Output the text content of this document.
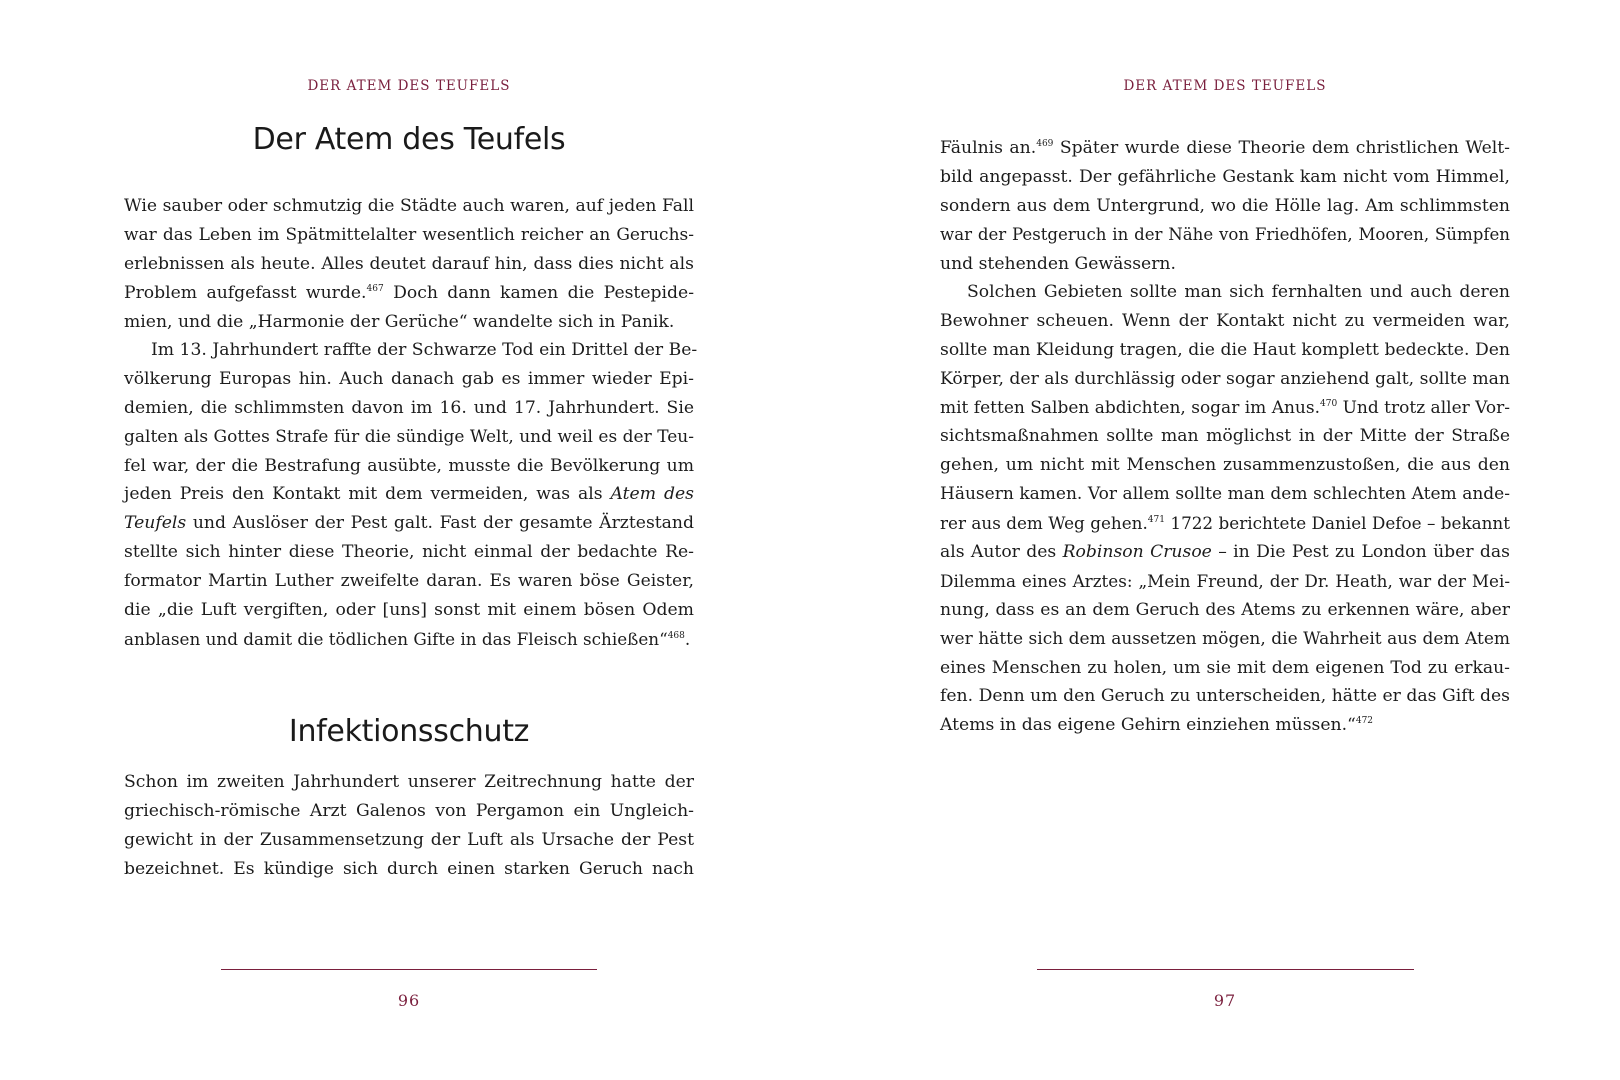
DER ATEM DES TEUFELS
Der Atem des Teufels
Wie sauber oder schmutzig die Städte auch waren, auf jeden Fall
war das Leben im Spätmittelalter wesentlich reicher an Geruchs-
erlebnissen als heute. Alles deutet darauf hin, dass dies nicht als
Problem aufgefasst wurde.$^{467}$ Doch dann kamen die Pestepide-
mien, und die „Harmonie der Gerüche“ wandelte sich in Panik.
Im 13. Jahrhundert raffte der Schwarze Tod ein Drittel der Be-
völkerung Europas hin. Auch danach gab es immer wieder Epi-
demien, die schlimmsten davon im 16. und 17. Jahrhundert. Sie
galten als Gottes Strafe für die sündige Welt, und weil es der Teu-
fel war, der die Bestrafung ausübte, musste die Bevölkerung um
jeden Preis den Kontakt mit dem vermeiden, was als Atem des
Teufels und Auslöser der Pest galt. Fast der gesamte Ärztestand
stellte sich hinter diese Theorie, nicht einmal der bedachte Re-
formator Martin Luther zweifelte daran. Es waren böse Geister,
die „die Luft vergiften, oder [uns] sonst mit einem bösen Odem
anblasen und damit die tödlichen Gifte in das Fleisch schießen“$^{468}$.
Infektionsschutz
Schon im zweiten Jahrhundert unserer Zeitrechnung hatte der
griechisch-römische Arzt Galenos von Pergamon ein Ungleich-
gewicht in der Zusammensetzung der Luft als Ursache der Pest
bezeichnet. Es kündige sich durch einen starken Geruch nach
96
DER ATEM DES TEUFELS
Fäulnis an.$^{469}$ Später wurde diese Theorie dem christlichen Welt-
bild angepasst. Der gefährliche Gestank kam nicht vom Himmel,
sondern aus dem Untergrund, wo die Hölle lag. Am schlimmsten
war der Pestgeruch in der Nähe von Friedhöfen, Mooren, Sümpfen
und stehenden Gewässern.
Solchen Gebieten sollte man sich fernhalten und auch deren
Bewohner scheuen. Wenn der Kontakt nicht zu vermeiden war,
sollte man Kleidung tragen, die die Haut komplett bedeckte. Den
Körper, der als durchlässig oder sogar anziehend galt, sollte man
mit fetten Salben abdichten, sogar im Anus.$^{470}$ Und trotz aller Vor-
sichtsmaßnahmen sollte man möglichst in der Mitte der Straße
gehen, um nicht mit Menschen zusammenzustoßen, die aus den
Häusern kamen. Vor allem sollte man dem schlechten Atem ande-
rer aus dem Weg gehen.$^{471}$ 1722 berichtete Daniel Defoe – bekannt
als Autor des Robinson Crusoe – in Die Pest zu London über das
Dilemma eines Arztes: „Mein Freund, der Dr. Heath, war der Mei-
nung, dass es an dem Geruch des Atems zu erkennen wäre, aber
wer hätte sich dem aussetzen mögen, die Wahrheit aus dem Atem
eines Menschen zu holen, um sie mit dem eigenen Tod zu erkau-
fen. Denn um den Geruch zu unterscheiden, hätte er das Gift des
Atems in das eigene Gehirn einziehen müssen.“$^{472}$
97
